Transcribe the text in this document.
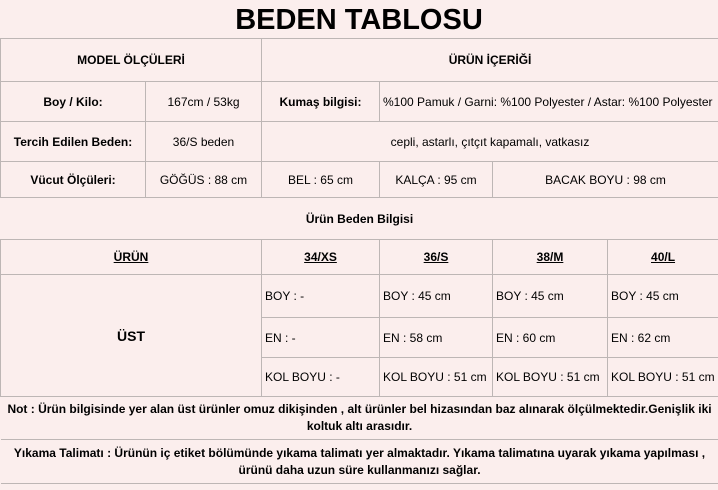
BEDEN TABLOSU
MODEL ÖLÇÜLERİ		ÜRÜN İÇERİĞİ			
Boy / Kilo:	167cm / 53kg	Kumaş bilgisi:	%100 Pamuk / Garni: %100 Polyester / Astar: %100 Polyester		
Tercih Edilen Beden:	36/S beden	cepli, astarlı, çıtçıt kapamalı, vatkasız			
Vücut Ölçüleri:	GÖĞÜS : 88 cm	BEL : 65 cm	KALÇA : 95 cm	BACAK BOYU : 98 cm	
Ürün Beden Bilgisi					
ÜRÜN		34/XS	36/S	38/M	40/L
ÜST		BOY : -	BOY : 45 cm	BOY : 45 cm	BOY : 45 cm
		EN : -	EN : 58 cm	EN : 60 cm	EN : 62 cm
		KOL BOYU : -	KOL BOYU : 51 cm	KOL BOYU : 51 cm	KOL BOYU : 51 cm
Not : Ürün bilgisinde yer alan üst ürünler omuz dikişinden , alt ürünler bel hizasından baz alınarak ölçülmektedir.Genişlik iki koltuk altı arasıdır.					
Yıkama Talimatı : Ürünün iç etiket bölümünde yıkama talimatı yer almaktadır. Yıkama talimatına uyarak yıkama yapılması , ürünü daha uzun süre kullanmanızı sağlar.					
